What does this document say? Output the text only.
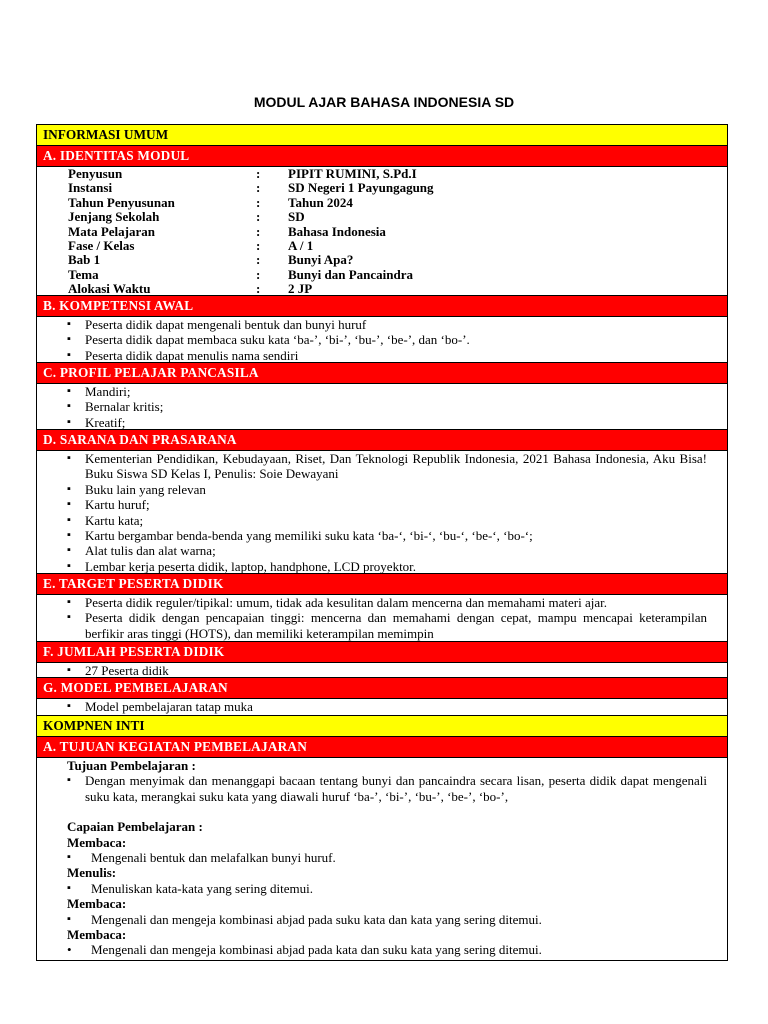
MODUL AJAR BAHASA INDONESIA SD
INFORMASI UMUM
A. IDENTITAS MODUL
Penyusun	:	PIPIT RUMINI, S.Pd.I
Instansi	:	SD Negeri 1 Payungagung
Tahun Penyusunan	:	Tahun 2024
Jenjang Sekolah	:	SD
Mata Pelajaran	:	Bahasa Indonesia
Fase / Kelas	:	A / 1
Bab 1	:	Bunyi Apa?
Tema	:	Bunyi dan Pancaindra
Alokasi Waktu	:	2 JP
B. KOMPETENSI AWAL
▪ Peserta didik dapat mengenali bentuk dan bunyi huruf
▪ Peserta didik dapat membaca suku kata ‘ba-’, ‘bi-’, ‘bu-’, ‘be-’, dan ‘bo-’.
▪ Peserta didik dapat menulis nama sendiri
C. PROFIL PELAJAR PANCASILA
▪ Mandiri;
▪ Bernalar kritis;
▪ Kreatif;
D. SARANA DAN PRASARANA
▪ Kementerian Pendidikan, Kebudayaan, Riset, Dan Teknologi Republik Indonesia, 2021 Bahasa Indonesia, Aku Bisa! Buku Siswa SD Kelas I, Penulis: Soie Dewayani
▪ Buku lain yang relevan
▪ Kartu huruf;
▪ Kartu kata;
▪ Kartu bergambar benda-benda yang memiliki suku kata ‘ba-‘, ‘bi-‘, ‘bu-‘, ‘be-‘, ‘bo-‘;
▪ Alat tulis dan alat warna;
▪ Lembar kerja peserta didik, laptop, handphone, LCD proyektor.
E. TARGET PESERTA DIDIK
▪ Peserta didik reguler/tipikal: umum, tidak ada kesulitan dalam mencerna dan memahami materi ajar.
▪ Peserta didik dengan pencapaian tinggi: mencerna dan memahami dengan cepat, mampu mencapai keterampilan berfikir aras tinggi (HOTS), dan memiliki keterampilan memimpin
F. JUMLAH PESERTA DIDIK
▪ 27 Peserta didik
G. MODEL PEMBELAJARAN
▪ Model pembelajaran tatap muka
KOMPNEN INTI
A. TUJUAN KEGIATAN PEMBELAJARAN
Tujuan Pembelajaran :
▪ Dengan menyimak dan menanggapi bacaan tentang bunyi dan pancaindra secara lisan, peserta didik dapat mengenali suku kata, merangkai suku kata yang diawali huruf ‘ba-’, ‘bi-’, ‘bu-’, ‘be-’, ‘bo-’,
Capaian Pembelajaran :
Membaca:
▪ Mengenali bentuk dan melafalkan bunyi huruf.
Menulis:
▪ Menuliskan kata-kata yang sering ditemui.
Membaca:
▪ Mengenali dan mengeja kombinasi abjad pada suku kata dan kata yang sering ditemui.
Membaca:
• Mengenali dan mengeja kombinasi abjad pada kata dan suku kata yang sering ditemui.
